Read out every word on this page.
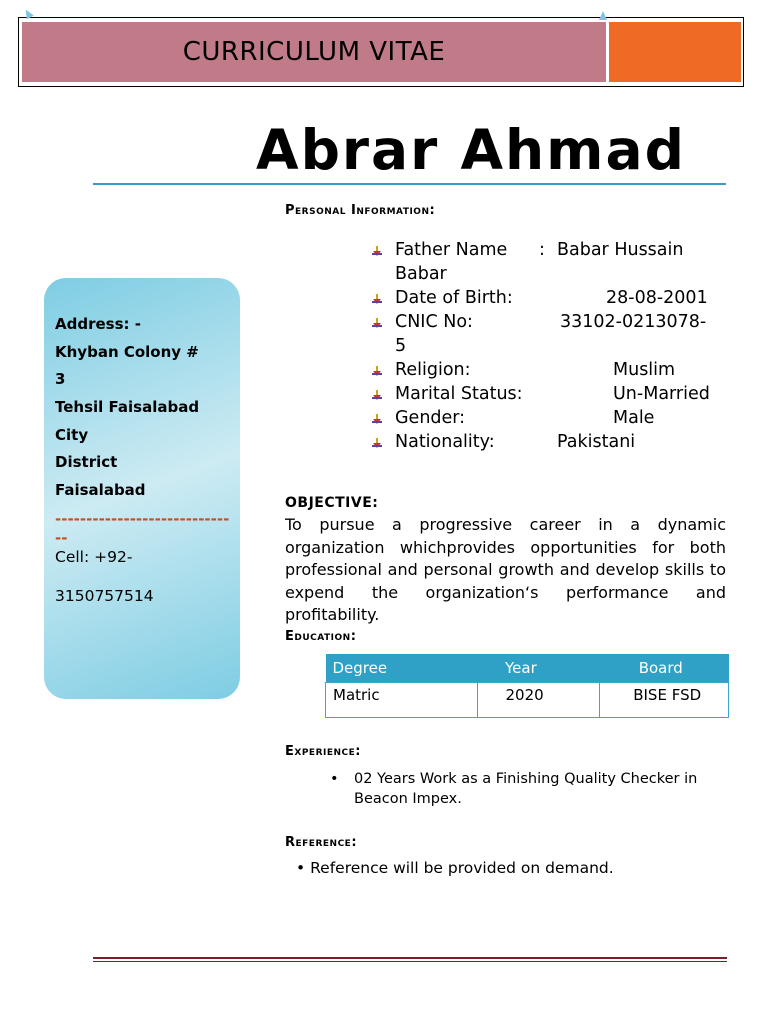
CURRICULUM VITAE
Abrar Ahmad
Personal Information:
Father Name : Babar Hussain
Babar
Date of Birth:	28-08-2001
CNIC No:	33102-0213078-
5
Religion:	Muslim
Marital Status:	Un-Married
Gender:	Male
Nationality:	Pakistani
Address: -
Khyban Colony #
3
Tehsil Faisalabad
City
District
Faisalabad
------------------------------
Cell: +92-
3150757514
OBJECTIVE:
To pursue a progressive career in a dynamic organization whichprovides opportunities for both professional and personal growth and develop skills to expend the organization‘s performance and profitability.
Education:
Degree	Year	Board
Matric	2020	BISE FSD
Experience:
• 02 Years Work as a Finishing Quality Checker in Beacon Impex.
Reference:
• Reference will be provided on demand.
